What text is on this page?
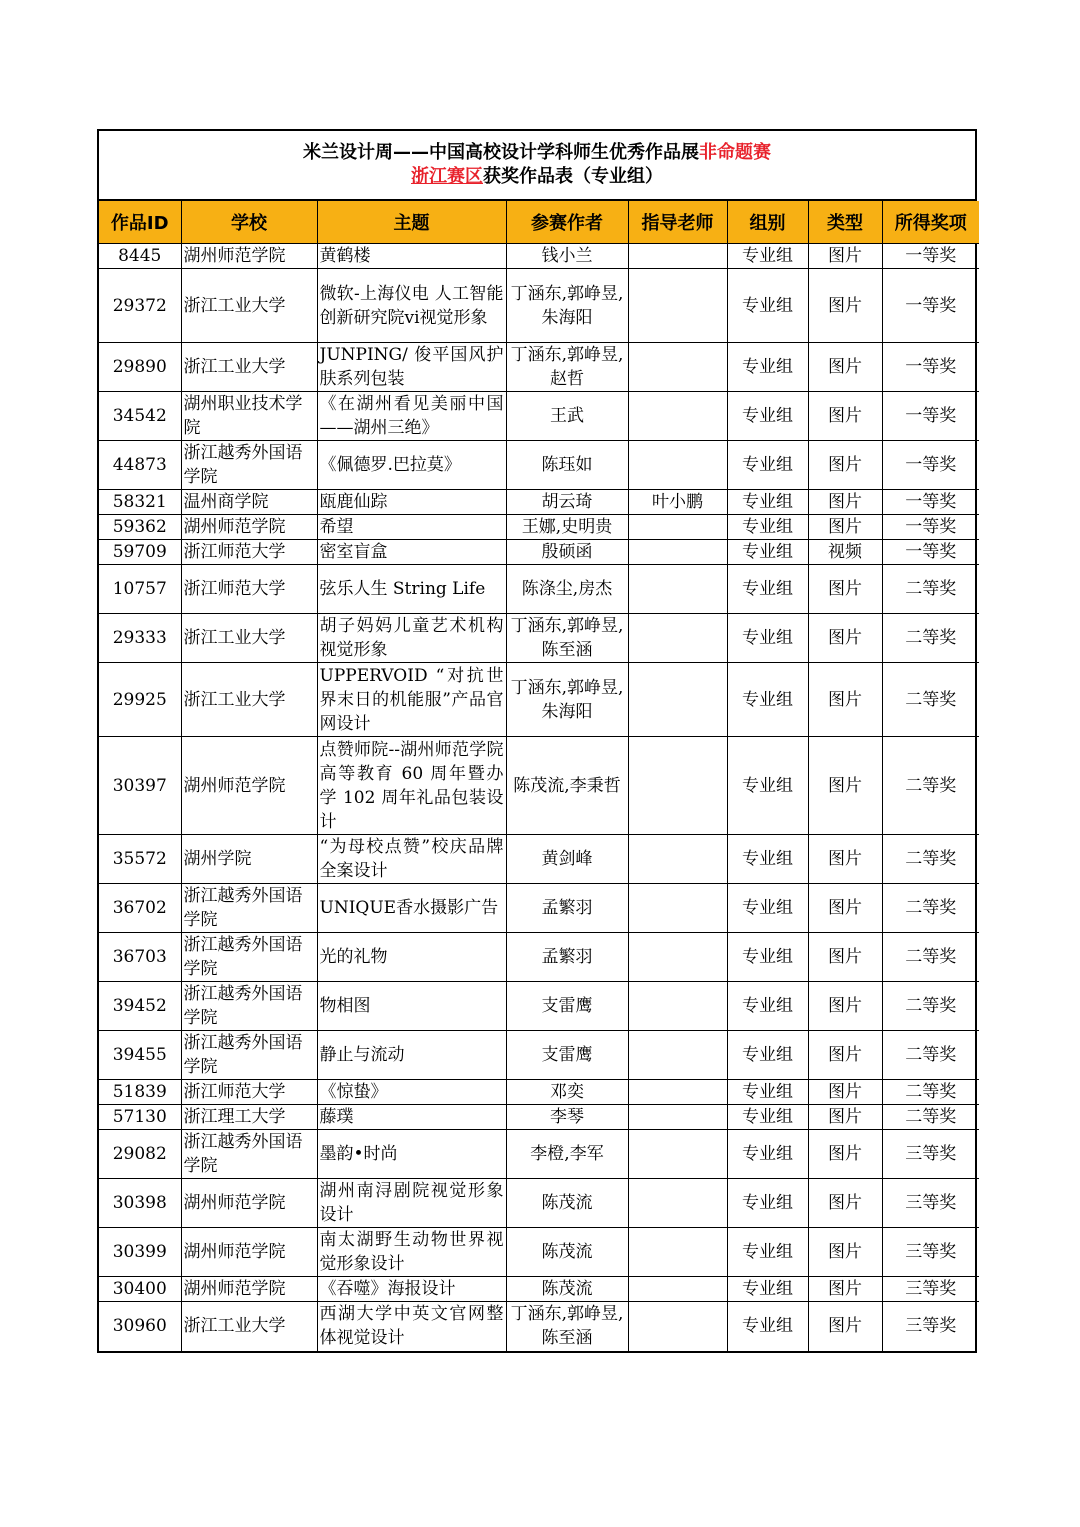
米兰设计周——中国高校设计学科师生优秀作品展非命题赛
浙江赛区获奖作品表（专业组）
作品ID	学校	主题	参赛作者	指导老师	组别	类型	所得奖项
8445	湖州师范学院	黄鹤楼	钱小兰		专业组	图片	一等奖
29372	浙江工业大学	微软-上海仪电 人工智能创新研究院vi视觉形象	丁涵东,郭峥昱,朱海阳		专业组	图片	一等奖
29890	浙江工业大学	JUNPING/ 俊平国风护肤系列包装	丁涵东,郭峥昱,赵哲		专业组	图片	一等奖
34542	湖州职业技术学院	《在湖州看见美丽中国——湖州三绝》	王武		专业组	图片	一等奖
44873	浙江越秀外国语学院	《佩德罗.巴拉莫》	陈珏如		专业组	图片	一等奖
58321	温州商学院	瓯鹿仙踪	胡云琦	叶小鹏	专业组	图片	一等奖
59362	湖州师范学院	希望	王娜,史明贵		专业组	图片	一等奖
59709	浙江师范大学	密室盲盒	殷硕函		专业组	视频	一等奖
10757	浙江师范大学	弦乐人生 String Life	陈涤尘,房杰		专业组	图片	二等奖
29333	浙江工业大学	胡子妈妈儿童艺术机构视觉形象	丁涵东,郭峥昱,陈至涵		专业组	图片	二等奖
29925	浙江工业大学	UPPERVOID “对抗世界末日的机能服”产品官网设计	丁涵东,郭峥昱,朱海阳		专业组	图片	二等奖
30397	湖州师范学院	点赞师院--湖州师范学院高等教育 60 周年暨办学 102 周年礼品包装设计	陈茂流,李秉哲		专业组	图片	二等奖
35572	湖州学院	“为母校点赞”校庆品牌全案设计	黄剑峰		专业组	图片	二等奖
36702	浙江越秀外国语学院	UNIQUE香水摄影广告	孟繁羽		专业组	图片	二等奖
36703	浙江越秀外国语学院	光的礼物	孟繁羽		专业组	图片	二等奖
39452	浙江越秀外国语学院	物相图	支雷鹰		专业组	图片	二等奖
39455	浙江越秀外国语学院	静止与流动	支雷鹰		专业组	图片	二等奖
51839	浙江师范大学	《惊蛰》	邓奕		专业组	图片	二等奖
57130	浙江理工大学	藤璞	李琴		专业组	图片	二等奖
29082	浙江越秀外国语学院	墨韵•时尚	李橙,李军		专业组	图片	三等奖
30398	湖州师范学院	湖州南浔剧院视觉形象设计	陈茂流		专业组	图片	三等奖
30399	湖州师范学院	南太湖野生动物世界视觉形象设计	陈茂流		专业组	图片	三等奖
30400	湖州师范学院	《吞噬》海报设计	陈茂流		专业组	图片	三等奖
30960	浙江工业大学	西湖大学中英文官网整体视觉设计	丁涵东,郭峥昱,陈至涵		专业组	图片	三等奖
